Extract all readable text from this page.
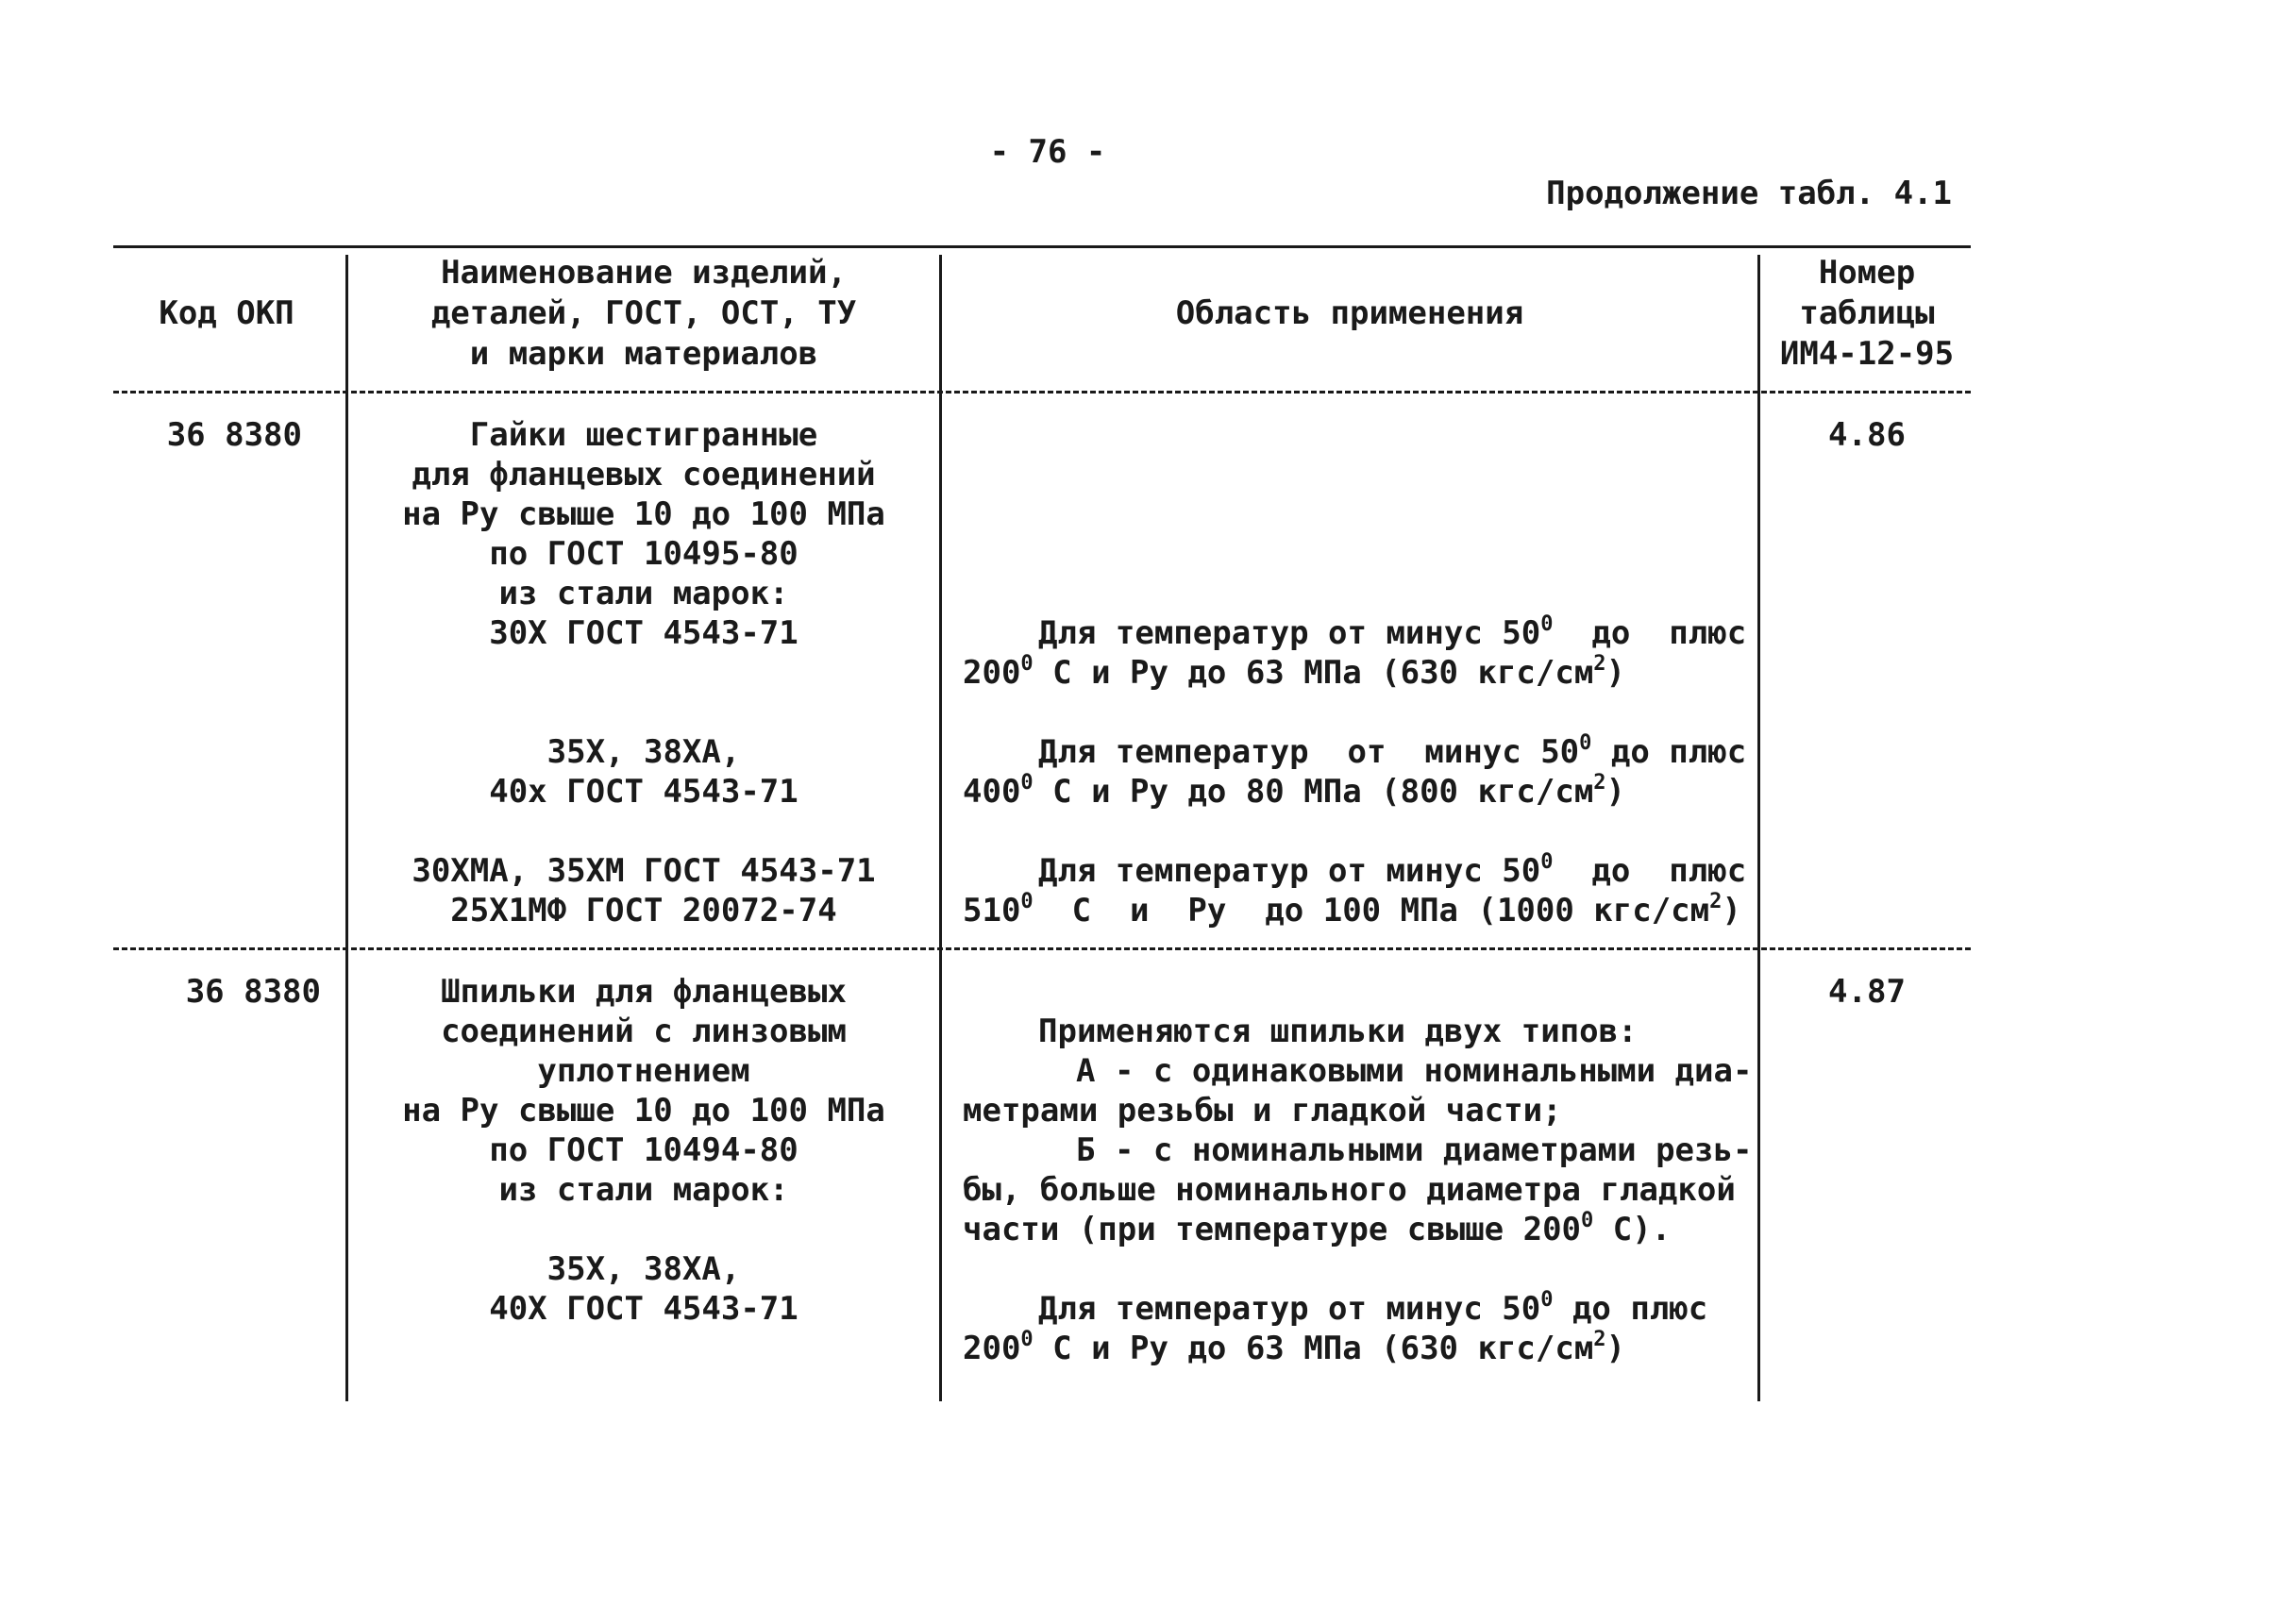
- 76 -
Продолжение табл. 4.1
Код ОКП
Наименование изделий,
деталей, ГОСТ, ОСТ, ТУ
и марки материалов
Область применения
Номер
таблицы
ИМ4-12-95
36 8380	4.86
Гайки шестигранные
для фланцевых соединений
на Ру свыше 10 до 100 МПа
по ГОСТ 10495-80
из стали марок:
30Х ГОСТ 4543-71
35Х, 38ХА,
40х ГОСТ 4543-71
30ХМА, 35ХМ ГОСТ 4543-71
25Х1МФ ГОСТ 20072-74
Для температур от минус $50^0$  до  плюс
$200^0$ С и Ру до 63 МПа (630 кгс/$см^2$)
Для температур  от  минус $50^0$ до плюс
$400^0$ С и Ру до 80 МПа (800 кгс/$см^2$)
Для температур от минус $50^0$  до  плюс
$510^0$  С  и  Ру  до 100 МПа (1000 кгс/$см^2$)
36 8380	4.87
Шпильки для фланцевых
соединений с линзовым
уплотнением
на Ру свыше 10 до 100 МПа
по ГОСТ 10494-80
из стали марок:
35Х, 38ХА,
40Х ГОСТ 4543-71
Применяются шпильки двух типов:
А - с одинаковыми номинальными диа-
метрами резьбы и гладкой части;
Б - с номинальными диаметрами резь-
бы, больше номинального диаметра гладкой
части (при температуре свыше $200^0$ С).
Для температур от минус $50^0$ до плюс
$200^0$ С и Ру до 63 МПа (630 кгс/$см^2$)
